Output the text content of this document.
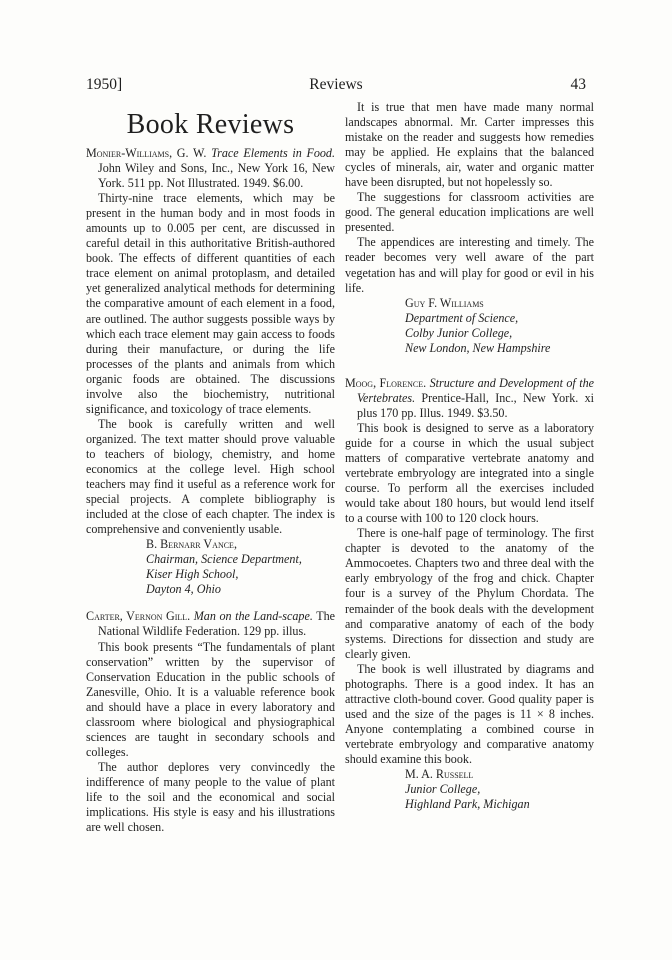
1950]	Reviews	43
Book Reviews
Monier-Williams, G. W. Trace Elements in Food. John Wiley and Sons, Inc., New York 16, New York. 511 pp. Not Illustrated. 1949. $6.00.
Thirty-nine trace elements, which may be present in the human body and in most foods in amounts up to 0.005 per cent, are discussed in careful detail in this authoritative British-authored book. The effects of different quantities of each trace element on animal protoplasm, and detailed yet generalized analytical methods for determining the comparative amount of each element in a food, are outlined. The author suggests possible ways by which each trace element may gain access to foods during their manufacture, or during the life processes of the plants and animals from which organic foods are obtained. The discussions involve also the biochemistry, nutritional significance, and toxicology of trace elements.
The book is carefully written and well organized. The text matter should prove valuable to teachers of biology, chemistry, and home economics at the college level. High school teachers may find it useful as a reference work for special projects. A complete bibliography is included at the close of each chapter. The index is comprehensive and conveniently usable.
B. Bernarr Vance,
Chairman, Science Department,
Kiser High School,
Dayton 4, Ohio
Carter, Vernon Gill. Man on the Land-scape. The National Wildlife Federation. 129 pp. illus.
This book presents “The fundamentals of plant conservation” written by the supervisor of Conservation Education in the public schools of Zanesville, Ohio. It is a valuable reference book and should have a place in every laboratory and classroom where biological and physiographical sciences are taught in secondary schools and colleges.
The author deplores very convincedly the indifference of many people to the value of plant life to the soil and the economical and social implications. His style is easy and his illustrations are well chosen.
It is true that men have made many normal landscapes abnormal. Mr. Carter impresses this mistake on the reader and suggests how remedies may be applied. He explains that the balanced cycles of minerals, air, water and organic matter have been disrupted, but not hopelessly so.
The suggestions for classroom activities are good. The general education implications are well presented.
The appendices are interesting and timely. The reader becomes very well aware of the part vegetation has and will play for good or evil in his life.
Guy F. Williams
Department of Science,
Colby Junior College,
New London, New Hampshire
Moog, Florence. Structure and Development of the Vertebrates. Prentice-Hall, Inc., New York. xi plus 170 pp. Illus. 1949. $3.50.
This book is designed to serve as a laboratory guide for a course in which the usual subject matters of comparative vertebrate anatomy and vertebrate embryology are integrated into a single course. To perform all the exercises included would take about 180 hours, but would lend itself to a course with 100 to 120 clock hours.
There is one-half page of terminology. The first chapter is devoted to the anatomy of the Ammocoetes. Chapters two and three deal with the early embryology of the frog and chick. Chapter four is a survey of the Phylum Chordata. The remainder of the book deals with the development and comparative anatomy of each of the body systems. Directions for dissection and study are clearly given.
The book is well illustrated by diagrams and photographs. There is a good index. It has an attractive cloth-bound cover. Good quality paper is used and the size of the pages is 11 × 8 inches. Anyone contemplating a combined course in vertebrate embryology and comparative anatomy should examine this book.
M. A. Russell
Junior College,
Highland Park, Michigan
